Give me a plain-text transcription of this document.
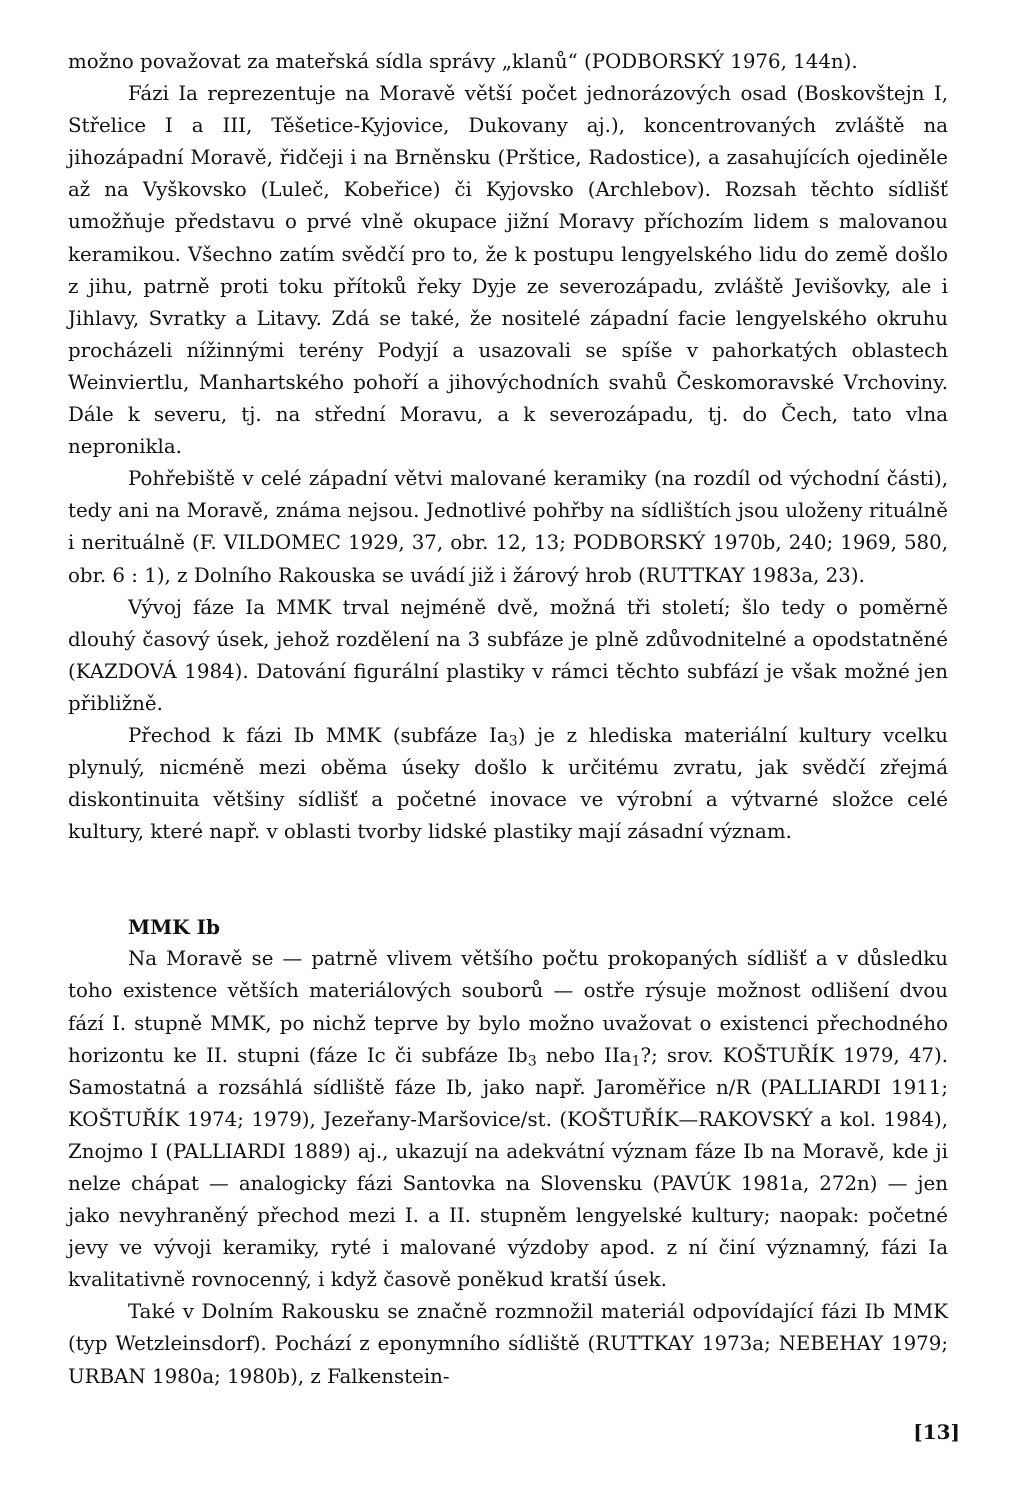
možno považovat za mateřská sídla správy „klanů“ (PODBORSKÝ 1976, 144n).

Fázi Ia reprezentuje na Moravě větší počet jednorázových osad (Boskovštejn I, Střelice I a III, Těšetice-Kyjovice, Dukovany aj.), koncentrovaných zvláště na jihozápadní Moravě, řidčeji i na Brněnsku (Prštice, Radostice), a zasahujících ojediněle až na Vyškovsko (Luleč, Kobeřice) či Kyjovsko (Archlebov). Rozsah těchto sídlišť umožňuje představu o prvé vlně okupace jižní Moravy příchozím lidem s malovanou keramikou. Všechno zatím svědčí pro to, že k postupu lengyelského lidu do země došlo z jihu, patrně proti toku přítoků řeky Dyje ze severozápadu, zvláště Jevišovky, ale i Jihlavy, Svratky a Litavy. Zdá se také, že nositelé západní facie lengyelského okruhu procházeli nížinnými terény Podyjí a usazovali se spíše v pahorkatých oblastech Weinviertlu, Manhartského pohoří a jihovýchodních svahů Českomoravské Vrchoviny. Dále k severu, tj. na střední Moravu, a k severozápadu, tj. do Čech, tato vlna nepronikla.

Pohřebiště v celé západní větvi malované keramiky (na rozdíl od východní části), tedy ani na Moravě, známa nejsou. Jednotlivé pohřby na sídlištích jsou uloženy rituálně i nerituálně (F. VILDOMEC 1929, 37, obr. 12, 13; PODBORSKÝ 1970b, 240; 1969, 580, obr. 6 : 1), z Dolního Rakouska se uvádí již i žárový hrob (RUTTKAY 1983a, 23).

Vývoj fáze Ia MMK trval nejméně dvě, možná tři století; šlo tedy o poměrně dlouhý časový úsek, jehož rozdělení na 3 subfáze je plně zdůvodnitelné a opodstatněné (KAZDOVÁ 1984). Datování figurální plastiky v rámci těchto subfází je však možné jen přibližně.

Přechod k fázi Ib MMK (subfáze $Ia_3$) je z hlediska materiální kultury vcelku plynulý, nicméně mezi oběma úseky došlo k určitému zvratu, jak svědčí zřejmá diskontinuita většiny sídlišť a početné inovace ve výrobní a výtvarné složce celé kultury, které např. v oblasti tvorby lidské plastiky mají zásadní význam.

MMK Ib

Na Moravě se — patrně vlivem většího počtu prokopaných sídlišť a v důsledku toho existence větších materiálových souborů — ostře rýsuje možnost odlišení dvou fází I. stupně MMK, po nichž teprve by bylo možno uvažovat o existenci přechodného horizontu ke II. stupni (fáze Ic či subfáze $Ib_3$ nebo IIa$_1$?; srov. KOŠTUŘÍK 1979, 47). Samostatná a rozsáhlá sídliště fáze Ib, jako např. Jaroměřice n/R (PALLIARDI 1911; KOŠTUŘÍK 1974; 1979), Jezeřany-Maršovice/st. (KOŠTUŘÍK—RAKOVSKÝ a kol. 1984), Znojmo I (PALLIARDI 1889) aj., ukazují na adekvátní význam fáze Ib na Moravě, kde ji nelze chápat — analogicky fázi Santovka na Slovensku (PAVÚK 1981a, 272n) — jen jako nevyhraněný přechod mezi I. a II. stupněm lengyelské kultury; naopak: početné jevy ve vývoji keramiky, ryté i malované výzdoby apod. z ní činí významný, fázi Ia kvalitativně rovnocenný, i když časově poněkud kratší úsek.

Také v Dolním Rakousku se značně rozmnožil materiál odpovídající fázi Ib MMK (typ Wetzleinsdorf). Pochází z eponymního sídliště (RUTTKAY 1973a; NEBEHAY 1979; URBAN 1980a; 1980b), z Falkenstein-

[13]
